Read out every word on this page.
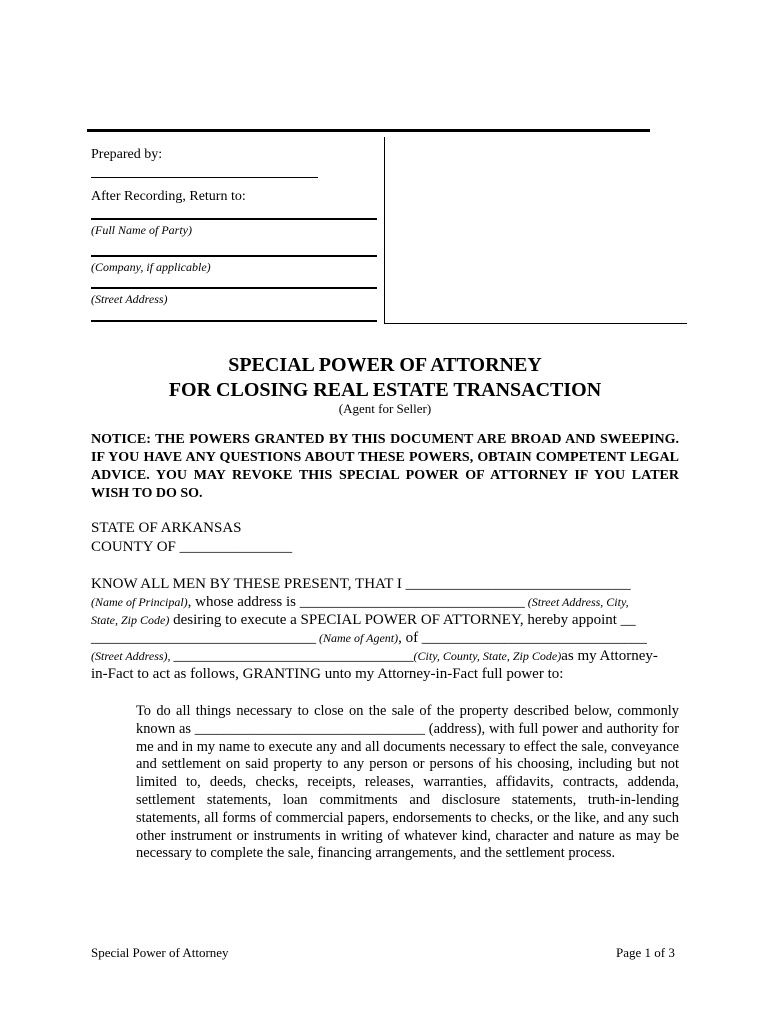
Prepared by:
After Recording, Return to:
(Full Name of Party)
(Company, if applicable)
(Street Address)
SPECIAL POWER OF ATTORNEY
FOR CLOSING REAL ESTATE TRANSACTION
(Agent for Seller)
NOTICE: THE POWERS GRANTED BY THIS DOCUMENT ARE BROAD AND SWEEPING. IF YOU HAVE ANY QUESTIONS ABOUT THESE POWERS, OBTAIN COMPETENT LEGAL ADVICE. YOU MAY REVOKE THIS SPECIAL POWER OF ATTORNEY IF YOU LATER WISH TO DO SO.
STATE OF ARKANSAS
COUNTY OF _______________
KNOW ALL MEN BY THESE PRESENT, THAT I ______________________________
(Name of Principal), whose address is ______________________________ (Street Address, City,
State, Zip Code) desiring to execute a SPECIAL POWER OF ATTORNEY, hereby appoint __
______________________________ (Name of Agent), of ______________________________
(Street Address), ________________________________(City, County, State, Zip Code)as my Attorney-
in-Fact to act as follows, GRANTING unto my Attorney-in-Fact full power to:
To do all things necessary to close on the sale of the property described below, commonly known as ________________________________ (address), with full power and authority for me and in my name to execute any and all documents necessary to effect the sale, conveyance and settlement on said property to any person or persons of his choosing, including but not limited to, deeds, checks, receipts, releases, warranties, affidavits, contracts, addenda, settlement statements, loan commitments and disclosure statements, truth-in-lending statements, all forms of commercial papers, endorsements to checks, or the like, and any such other instrument or instruments in writing of whatever kind, character and nature as may be necessary to complete the sale, financing arrangements, and the settlement process.
Special Power of Attorney	Page 1 of 3
